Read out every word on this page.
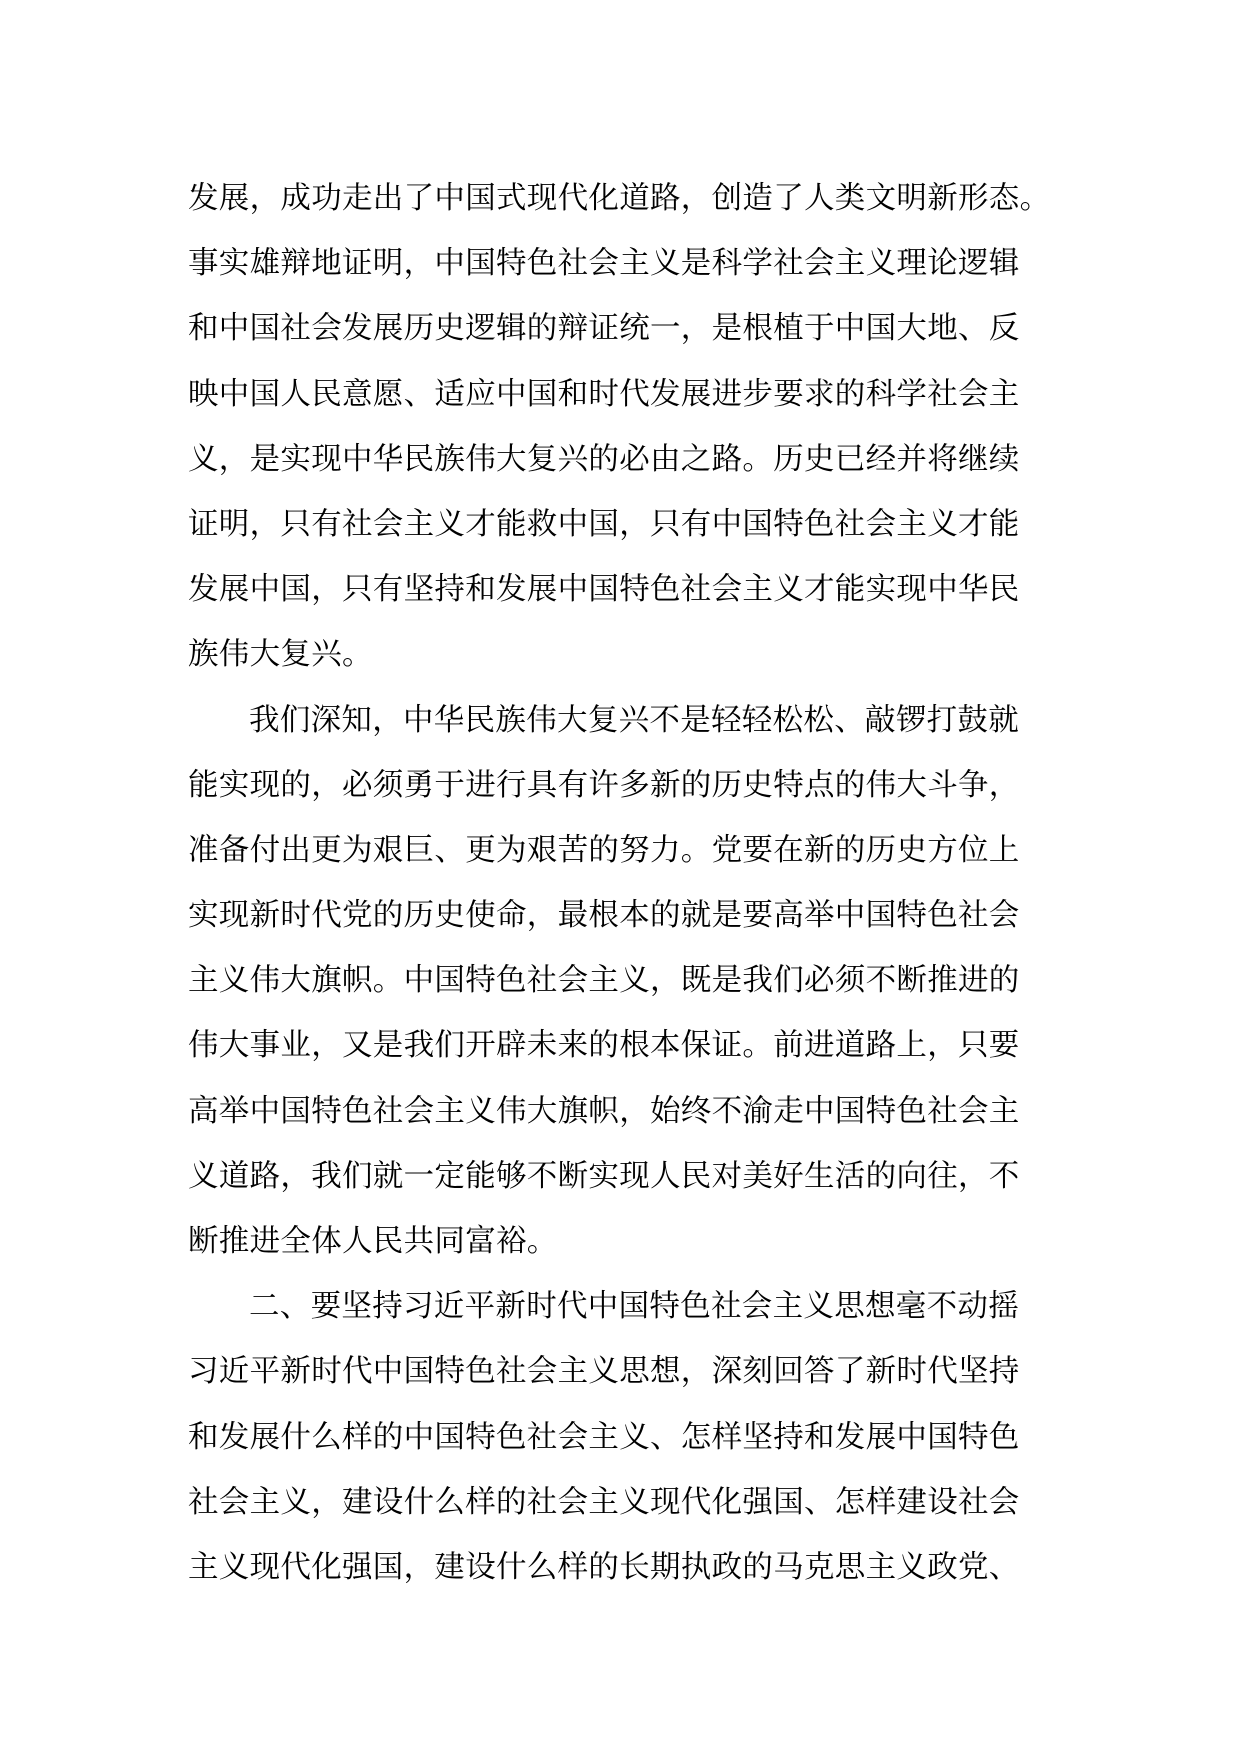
发展，成功走出了中国式现代化道路，创造了人类文明新形态。
事实雄辩地证明，中国特色社会主义是科学社会主义理论逻辑
和中国社会发展历史逻辑的辩证统一，是根植于中国大地、反
映中国人民意愿、适应中国和时代发展进步要求的科学社会主
义，是实现中华民族伟大复兴的必由之路。历史已经并将继续
证明，只有社会主义才能救中国，只有中国特色社会主义才能
发展中国，只有坚持和发展中国特色社会主义才能实现中华民
族伟大复兴。
我们深知，中华民族伟大复兴不是轻轻松松、敲锣打鼓就
能实现的，必须勇于进行具有许多新的历史特点的伟大斗争，
准备付出更为艰巨、更为艰苦的努力。党要在新的历史方位上
实现新时代党的历史使命，最根本的就是要高举中国特色社会
主义伟大旗帜。中国特色社会主义，既是我们必须不断推进的
伟大事业，又是我们开辟未来的根本保证。前进道路上，只要
高举中国特色社会主义伟大旗帜，始终不渝走中国特色社会主
义道路，我们就一定能够不断实现人民对美好生活的向往，不
断推进全体人民共同富裕。
二、要坚持习近平新时代中国特色社会主义思想毫不动摇
习近平新时代中国特色社会主义思想，深刻回答了新时代坚持
和发展什么样的中国特色社会主义、怎样坚持和发展中国特色
社会主义，建设什么样的社会主义现代化强国、怎样建设社会
主义现代化强国，建设什么样的长期执政的马克思主义政党、
